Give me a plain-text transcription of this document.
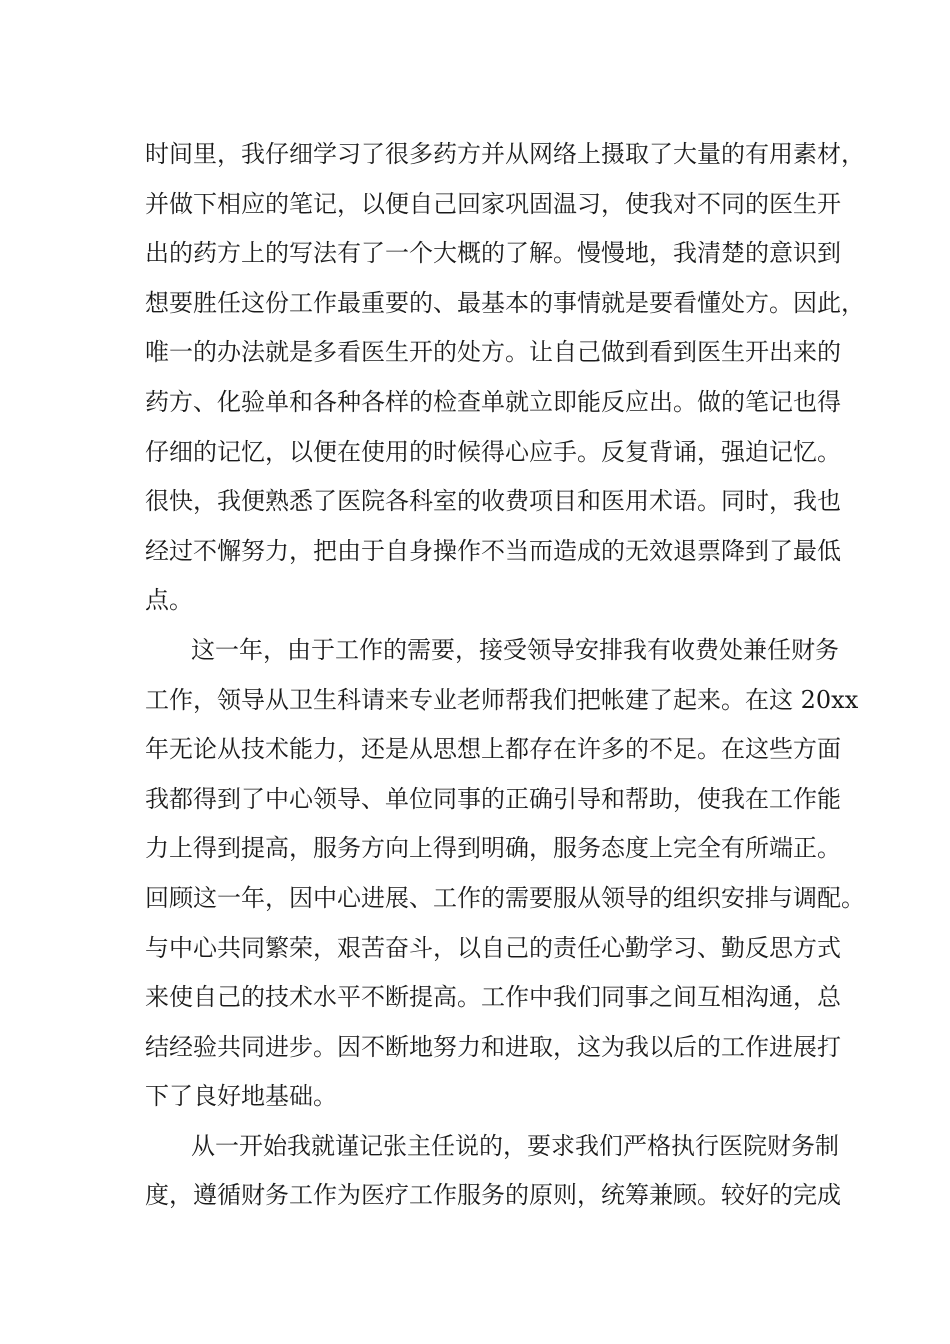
时间里，我仔细学习了很多药方并从网络上摄取了大量的有用素材，
并做下相应的笔记，以便自己回家巩固温习，使我对不同的医生开
出的药方上的写法有了一个大概的了解。慢慢地，我清楚的意识到
想要胜任这份工作最重要的、最基本的事情就是要看懂处方。因此，
唯一的办法就是多看医生开的处方。让自己做到看到医生开出来的
药方、化验单和各种各样的检查单就立即能反应出。做的笔记也得
仔细的记忆，以便在使用的时候得心应手。反复背诵，强迫记忆。
很快，我便熟悉了医院各科室的收费项目和医用术语。同时，我也
经过不懈努力，把由于自身操作不当而造成的无效退票降到了最低
点。
这一年，由于工作的需要，接受领导安排我有收费处兼任财务
工作，领导从卫生科请来专业老师帮我们把帐建了起来。在这 20xx
年无论从技术能力，还是从思想上都存在许多的不足。在这些方面
我都得到了中心领导、单位同事的正确引导和帮助，使我在工作能
力上得到提高，服务方向上得到明确，服务态度上完全有所端正。
回顾这一年，因中心进展、工作的需要服从领导的组织安排与调配。
与中心共同繁荣，艰苦奋斗，以自己的责任心勤学习、勤反思方式
来使自己的技术水平不断提高。工作中我们同事之间互相沟通，总
结经验共同进步。因不断地努力和进取，这为我以后的工作进展打
下了良好地基础。
从一开始我就谨记张主任说的，要求我们严格执行医院财务制
度，遵循财务工作为医疗工作服务的原则，统筹兼顾。较好的完成
